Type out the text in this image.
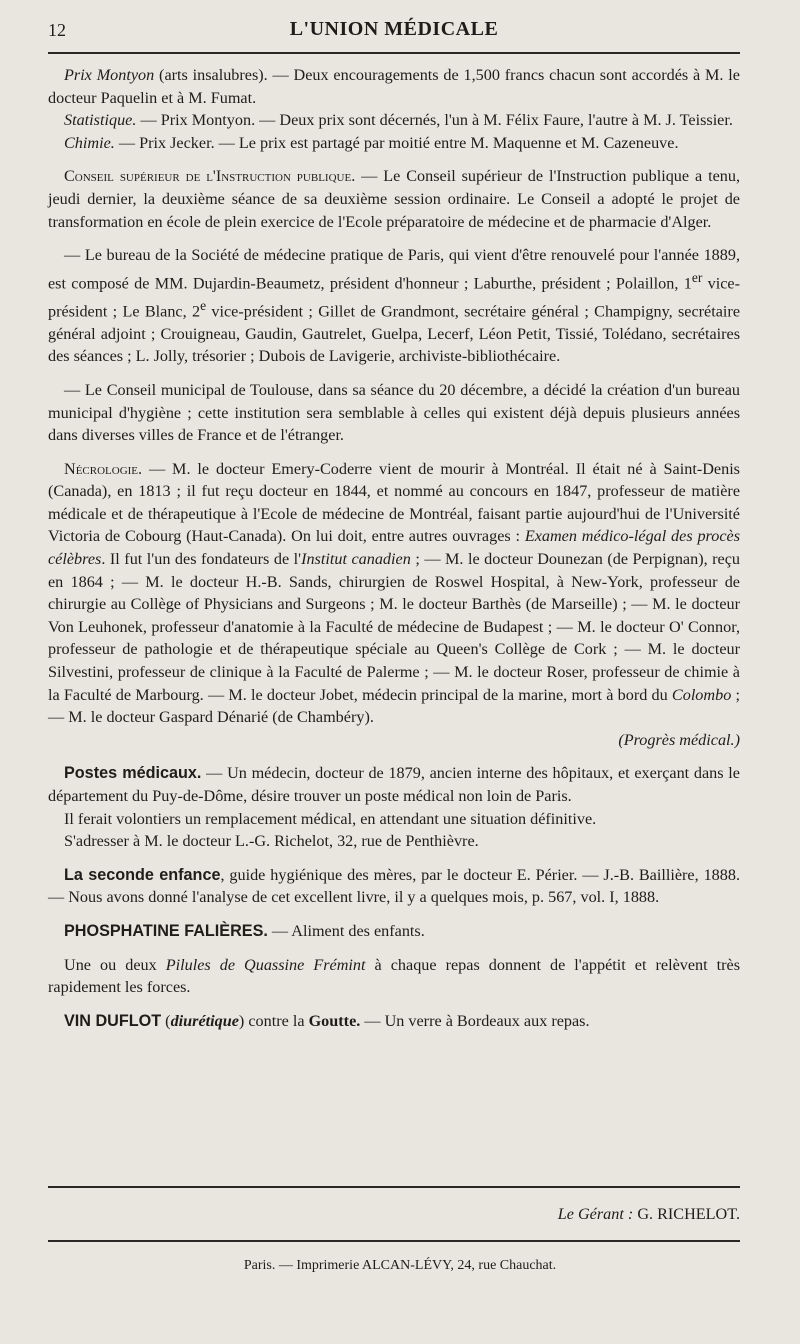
12	L'UNION MÉDICALE

Prix Montyon (arts insalubres). — Deux encouragements de 1,500 francs chacun sont accordés à M. le docteur Paquelin et à M. Fumat.

Statistique. — Prix Montyon. — Deux prix sont décernés, l'un à M. Félix Faure, l'autre à M. J. Teissier.

Chimie. — Prix Jecker. — Le prix est partagé par moitié entre M. Maquenne et M. Cazeneuve.

Conseil supérieur de l'Instruction publique. — Le Conseil supérieur de l'Instruction publique a tenu, jeudi dernier, la deuxième séance de sa deuxième session ordinaire. Le Conseil a adopté le projet de transformation en école de plein exercice de l'Ecole préparatoire de médecine et de pharmacie d'Alger.

— Le bureau de la Société de médecine pratique de Paris, qui vient d'être renouvelé pour l'année 1889, est composé de MM. Dujardin-Beaumetz, président d'honneur ; Laburthe, président ; Polaillon, 1er vice-président ; Le Blanc, 2e vice-président ; Gillet de Grandmont, secrétaire général ; Champigny, secrétaire général adjoint ; Crouigneau, Gaudin, Gautrelet, Guelpa, Lecerf, Léon Petit, Tissié, Tolédano, secrétaires des séances ; L. Jolly, trésorier ; Dubois de Lavigerie, archiviste-bibliothécaire.

— Le Conseil municipal de Toulouse, dans sa séance du 20 décembre, a décidé la création d'un bureau municipal d'hygiène ; cette institution sera semblable à celles qui existent déjà depuis plusieurs années dans diverses villes de France et de l'étranger.

Nécrologie. — M. le docteur Emery-Coderre vient de mourir à Montréal. Il était né à Saint-Denis (Canada), en 1813 ; il fut reçu docteur en 1844, et nommé au concours en 1847, professeur de matière médicale et de thérapeutique à l'Ecole de médecine de Montréal, faisant partie aujourd'hui de l'Université Victoria de Cobourg (Haut-Canada). On lui doit, entre autres ouvrages : Examen médico-légal des procès célèbres. Il fut l'un des fondateurs de l'Institut canadien ; — M. le docteur Dounezan (de Perpignan), reçu en 1864 ; — M. le docteur H.-B. Sands, chirurgien de Roswel Hospital, à New-York, professeur de chirurgie au Collège of Physicians and Surgeons ; M. le docteur Barthès (de Marseille) ; — M. le docteur Von Leuhonek, professeur d'anatomie à la Faculté de médecine de Budapest ; — M. le docteur O' Connor, professeur de pathologie et de thérapeutique spéciale au Queen's Collège de Cork ; — M. le docteur Silvestini, professeur de clinique à la Faculté de Palerme ; — M. le docteur Roser, professeur de chimie à la Faculté de Marbourg. — M. le docteur Jobet, médecin principal de la marine, mort à bord du Colombo ; — M. le docteur Gaspard Dénarié (de Chambéry).

(Progrès médical.)

Postes médicaux. — Un médecin, docteur de 1879, ancien interne des hôpitaux, et exerçant dans le département du Puy-de-Dôme, désire trouver un poste médical non loin de Paris.

Il ferait volontiers un remplacement médical, en attendant une situation définitive.

S'adresser à M. le docteur L.-G. Richelot, 32, rue de Penthièvre.

La seconde enfance, guide hygiénique des mères, par le docteur E. Périer. — J.-B. Baillière, 1888. — Nous avons donné l'analyse de cet excellent livre, il y a quelques mois, p. 567, vol. I, 1888.

PHOSPHATINE FALIÈRES. — Aliment des enfants.

Une ou deux Pilules de Quassine Frémint à chaque repas donnent de l'appétit et relèvent très rapidement les forces.

VIN DUFLOT (diurétique) contre la Goutte. — Un verre à Bordeaux aux repas.

Le Gérant : G. RICHELOT.
Paris. — Imprimerie ALCAN-LÉVY, 24, rue Chauchat.
